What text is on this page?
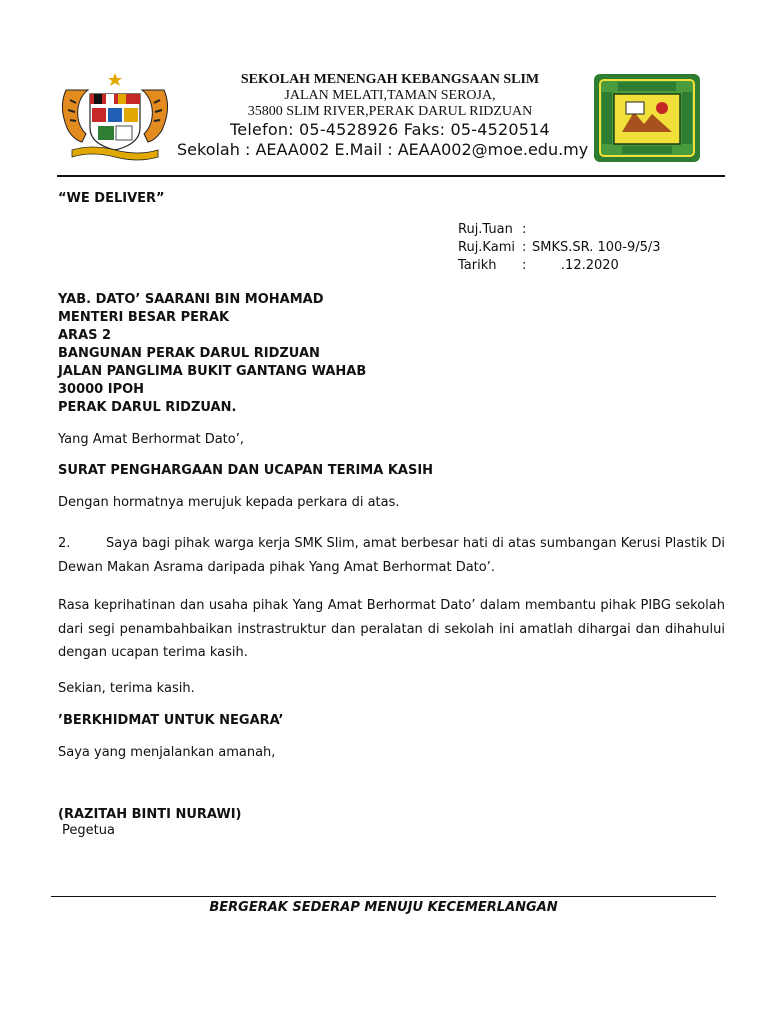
SEKOLAH MENENGAH KEBANGSAAN SLIM
JALAN MELATI,TAMAN SEROJA,
35800 SLIM RIVER,PERAK DARUL RIDZUAN
Telefon: 05-4528926 Faks: 05-4520514
Sekolah : AEAA002 E.Mail : AEAA002@moe.edu.my
“WE DELIVER”
Ruj.Tuan :
Ruj.Kami : SMKS.SR. 100-9/5/3
Tarikh :       .12.2020
YAB. DATO’ SAARANI BIN MOHAMAD
MENTERI BESAR PERAK
ARAS 2
BANGUNAN PERAK DARUL RIDZUAN
JALAN PANGLIMA BUKIT GANTANG WAHAB
30000 IPOH
PERAK DARUL RIDZUAN.
Yang Amat Berhormat Dato’,
SURAT PENGHARGAAN DAN UCAPAN TERIMA KASIH
Dengan hormatnya merujuk kepada perkara di atas.
2.	Saya bagi pihak warga kerja SMK Slim, amat berbesar hati di atas sumbangan Kerusi Plastik Di Dewan Makan Asrama daripada pihak Yang Amat Berhormat Dato’.
Rasa keprihatinan dan usaha pihak Yang Amat Berhormat Dato’ dalam membantu pihak PIBG sekolah dari segi penambahbaikan instrastruktur dan peralatan di sekolah ini amatlah dihargai dan dihahului dengan ucapan terima kasih.
Sekian, terima kasih.
’BERKHIDMAT UNTUK NEGARA’
Saya yang menjalankan amanah,
(RAZITAH BINTI NURAWI)
Pegetua
BERGERAK SEDERAP MENUJU KECEMERLANGAN
